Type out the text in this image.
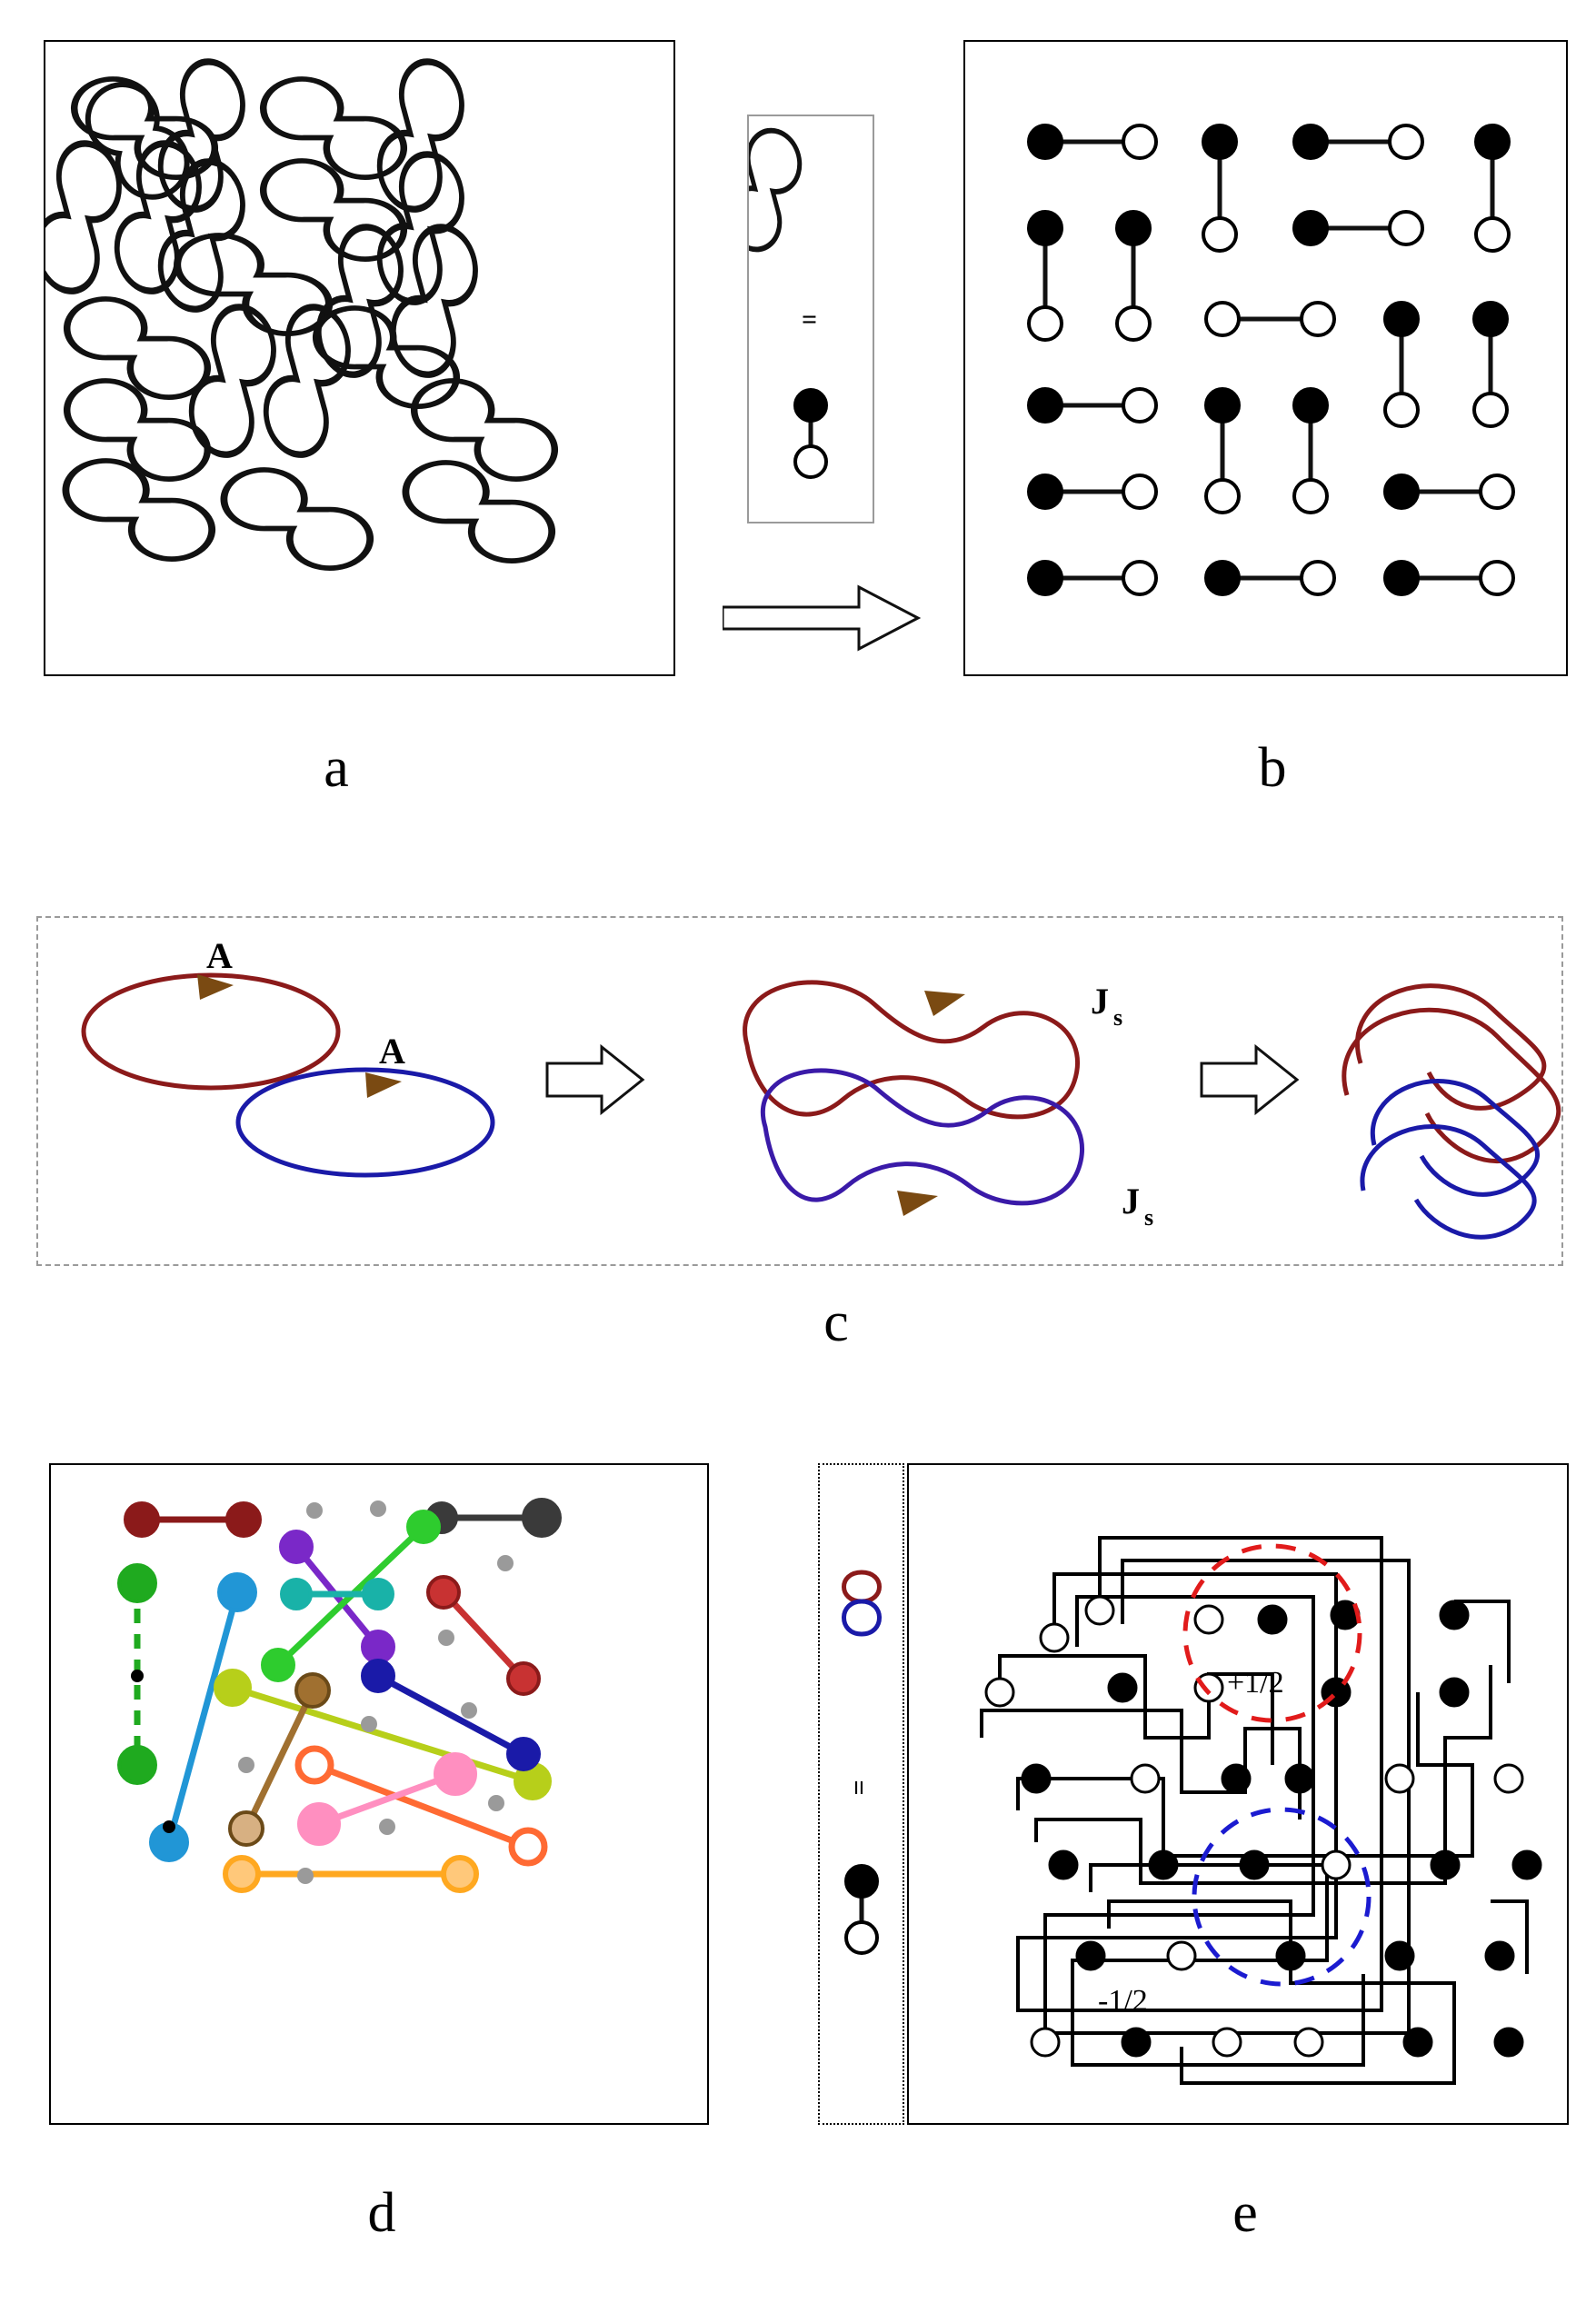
a
=
b
J s
J s
A
A
c
d
=
+1/2
-1/2
e
